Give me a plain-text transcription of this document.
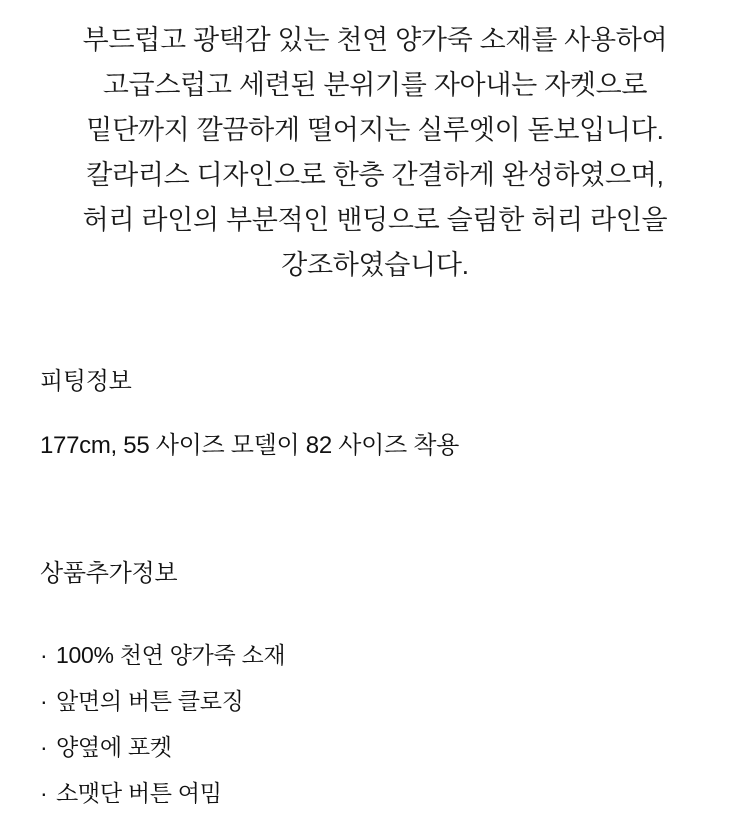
부드럽고 광택감 있는 천연 양가죽 소재를 사용하여
고급스럽고 세련된 분위기를 자아내는 자켓으로
밑단까지 깔끔하게 떨어지는 실루엣이 돋보입니다.
칼라리스 디자인으로 한층 간결하게 완성하였으며,
허리 라인의 부분적인 밴딩으로 슬림한 허리 라인을
강조하였습니다.
피팅정보

177cm, 55 사이즈 모델이 82 사이즈 착용

상품추가정보
· 100% 천연 양가죽 소재
· 앞면의 버튼 클로징
· 양옆에 포켓
· 소맷단 버튼 여밈
